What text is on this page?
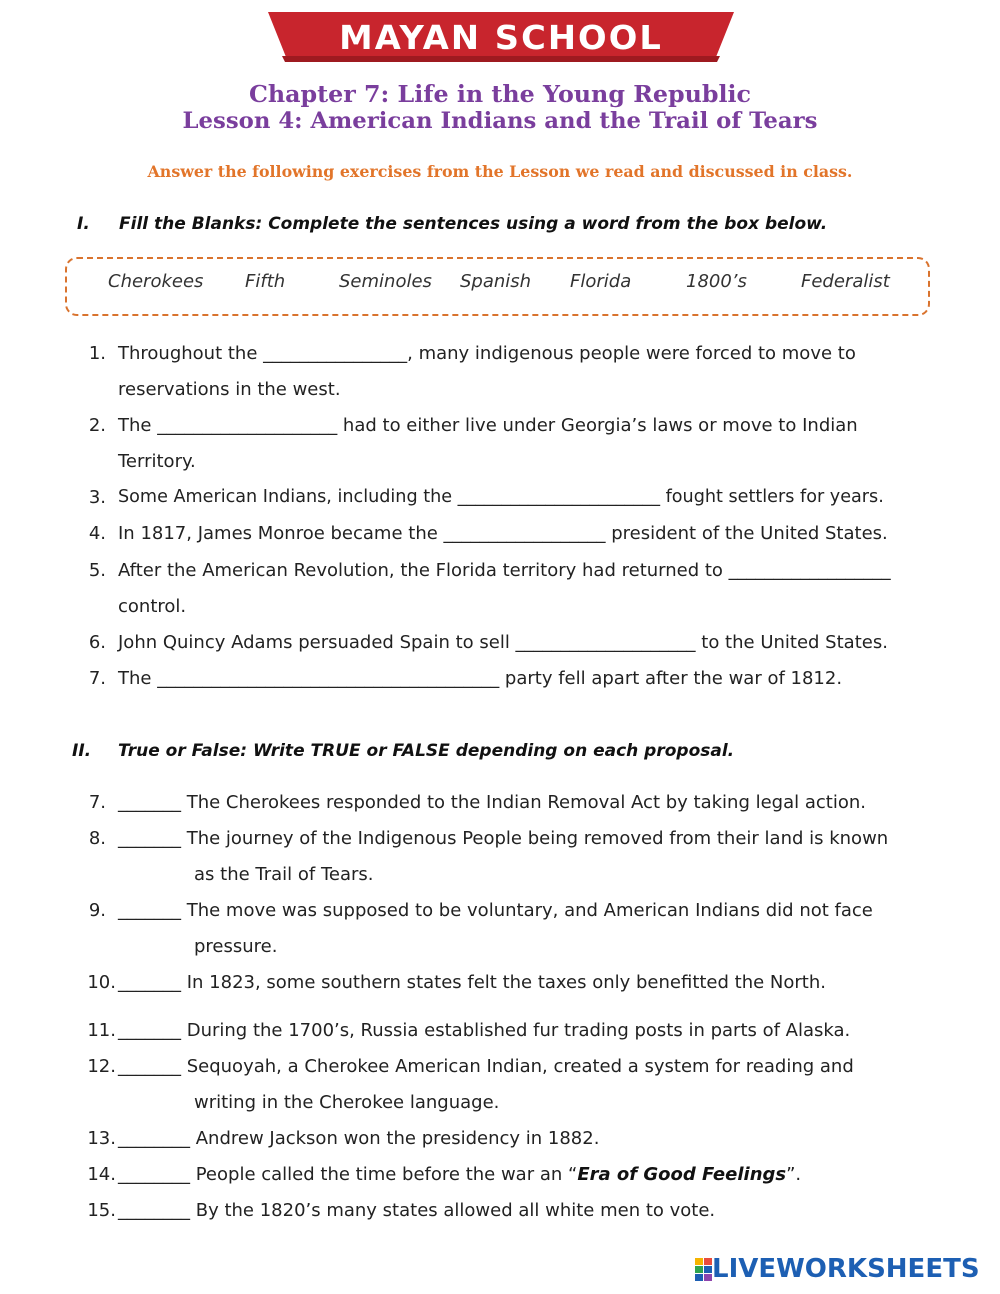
MAYAN SCHOOL
Chapter 7: Life in the Young Republic
Lesson 4: American Indians and the Trail of Tears
Answer the following exercises from the Lesson we read and discussed in class.
I. Fill the Blanks: Complete the sentences using a word from the box below.
Cherokees Fifth	Seminoles Spanish Florida	1800’s	Federalist
1. Throughout the ________________, many indigenous people were forced to move to
reservations in the west.
2. The ____________________ had to either live under Georgia’s laws or move to Indian
Territory.
3. Some American Indians, including the _______________________ fought settlers for years.
4. In 1817, James Monroe became the __________________ president of the United States.
5. After the American Revolution, the Florida territory had returned to __________________
control.
6. John Quincy Adams persuaded Spain to sell ____________________ to the United States.
7. The ______________________________________ party fell apart after the war of 1812.
II. True or False: Write TRUE or FALSE depending on each proposal.
7. _______ The Cherokees responded to the Indian Removal Act by taking legal action.
8. _______ The journey of the Indigenous People being removed from their land is known
as the Trail of Tears.
9. _______ The move was supposed to be voluntary, and American Indians did not face
pressure.
10. _______ In 1823, some southern states felt the taxes only benefitted the North.
11. _______ During the 1700’s, Russia established fur trading posts in parts of Alaska.
12. _______ Sequoyah, a Cherokee American Indian, created a system for reading and
writing in the Cherokee language.
13. ________ Andrew Jackson won the presidency in 1882.
14. ________ People called the time before the war an “Era of Good Feelings”.
15. ________ By the 1820’s many states allowed all white men to vote.
LIVEWORKSHEETS
